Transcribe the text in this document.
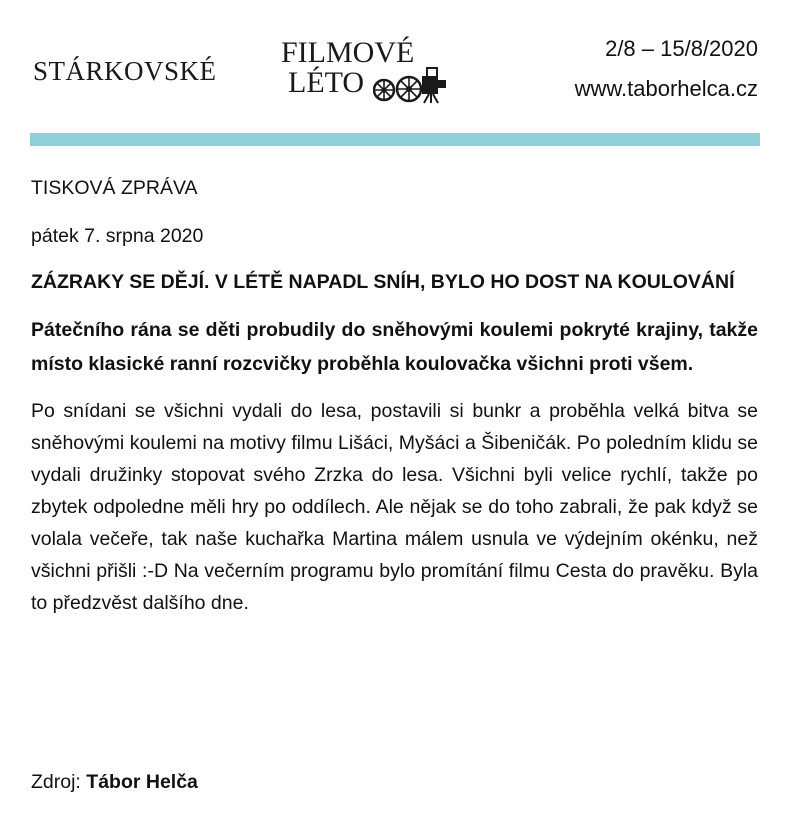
STÁRKOVSKÉ
FILMOVÉ
LÉTO
2/8 – 15/8/2020
www.taborhelca.cz

TISKOVÁ ZPRÁVA

pátek 7. srpna 2020

ZÁZRAKY SE DĚJÍ. V LÉTĚ NAPADL SNÍH, BYLO HO DOST NA KOULOVÁNÍ

Pátečního rána se děti probudily do sněhovými koulemi pokryté krajiny, takže místo klasické ranní rozcvičky proběhla koulovačka všichni proti všem.

Po snídani se všichni vydali do lesa, postavili si bunkr a proběhla velká bitva se sněhovými koulemi na motivy filmu Lišáci, Myšáci a Šibeničák. Po poledním klidu se vydali družinky stopovat svého Zrzka do lesa. Všichni byli velice rychlí, takže po zbytek odpoledne měli hry po oddílech. Ale nějak se do toho zabrali, že pak když se volala večeře, tak naše kuchařka Martina málem usnula ve výdejním okénku, než všichni přišli :-D Na večerním programu bylo promítání filmu Cesta do pravěku. Byla to předzvěst dalšího dne.

Zdroj: Tábor Helča
